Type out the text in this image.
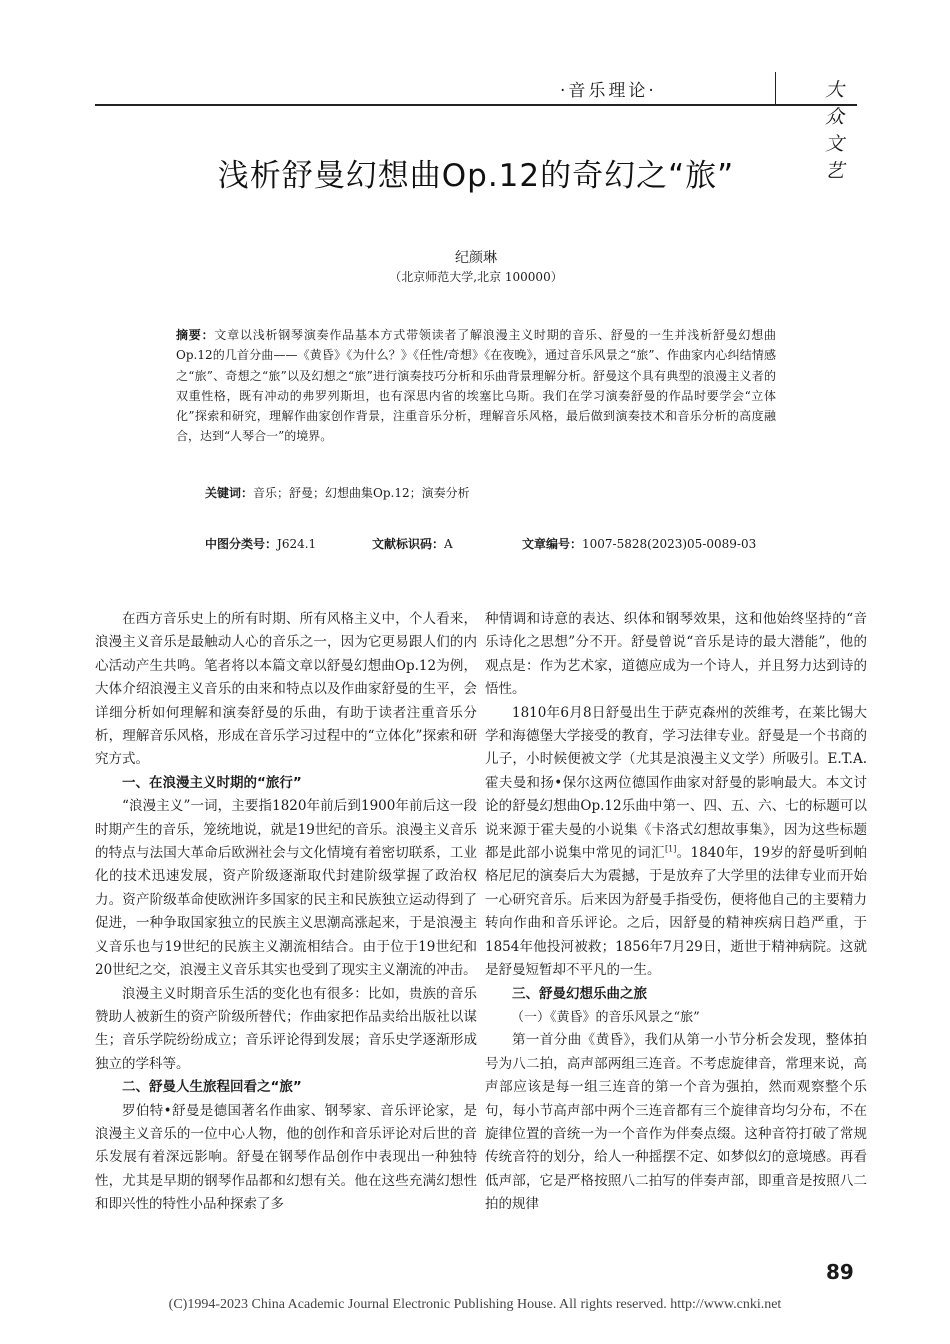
·音乐理论·	大众文艺
浅析舒曼幻想曲Op.12的奇幻之“旅”
纪颜琳
（北京师范大学,北京 100000）
摘要：文章以浅析钢琴演奏作品基本方式带领读者了解浪漫主义时期的音乐、舒曼的一生并浅析舒曼幻想曲Op.12的几首分曲——《黄昏》《为什么？》《任性/奇想》《在夜晚》，通过音乐风景之“旅”、作曲家内心纠结情感之“旅”、奇想之“旅”以及幻想之“旅”进行演奏技巧分析和乐曲背景理解分析。舒曼这个具有典型的浪漫主义者的双重性格，既有冲动的弗罗列斯坦，也有深思内省的埃塞比乌斯。我们在学习演奏舒曼的作品时要学会“立体化”探索和研究，理解作曲家创作背景，注重音乐分析，理解音乐风格，最后做到演奏技术和音乐分析的高度融合，达到“人琴合一”的境界。
关键词：音乐；舒曼；幻想曲集Op.12；演奏分析
中图分类号：J624.1	文献标识码：A	文章编号：1007-5828(2023)05-0089-03

在西方音乐史上的所有时期、所有风格主义中，个人看来，浪漫主义音乐是最触动人心的音乐之一，因为它更易跟人们的内心活动产生共鸣。笔者将以本篇文章以舒曼幻想曲Op.12为例，大体介绍浪漫主义音乐的由来和特点以及作曲家舒曼的生平，会详细分析如何理解和演奏舒曼的乐曲，有助于读者注重音乐分析，理解音乐风格，形成在音乐学习过程中的“立体化”探索和研究方式。

一、在浪漫主义时期的“旅行”

“浪漫主义”一词，主要指1820年前后到1900年前后这一段时期产生的音乐，笼统地说，就是19世纪的音乐。浪漫主义音乐的特点与法国大革命后欧洲社会与文化情境有着密切联系，工业化的技术迅速发展，资产阶级逐渐取代封建阶级掌握了政治权力。资产阶级革命使欧洲许多国家的民主和民族独立运动得到了促进，一种争取国家独立的民族主义思潮高涨起来，于是浪漫主义音乐也与19世纪的民族主义潮流相结合。由于位于19世纪和20世纪之交，浪漫主义音乐其实也受到了现实主义潮流的冲击。

浪漫主义时期音乐生活的变化也有很多：比如，贵族的音乐赞助人被新生的资产阶级所替代；作曲家把作品卖给出版社以谋生；音乐学院纷纷成立；音乐评论得到发展；音乐史学逐渐形成独立的学科等。

二、舒曼人生旅程回看之“旅”

罗伯特•舒曼是德国著名作曲家、钢琴家、音乐评论家，是浪漫主义音乐的一位中心人物，他的创作和音乐评论对后世的音乐发展有着深远影响。舒曼在钢琴作品创作中表现出一种独特性，尤其是早期的钢琴作品都和幻想有关。他在这些充满幻想性和即兴性的特性小品种探索了多

种情调和诗意的表达、织体和钢琴效果，这和他始终坚持的“音乐诗化之思想”分不开。舒曼曾说“音乐是诗的最大潜能”，他的观点是：作为艺术家，道德应成为一个诗人，并且努力达到诗的悟性。

1810年6月8日舒曼出生于萨克森州的茨维考，在莱比锡大学和海德堡大学接受的教育，学习法律专业。舒曼是一个书商的儿子，小时候便被文学（尤其是浪漫主义文学）所吸引。E.T.A.霍夫曼和扬•保尔这两位德国作曲家对舒曼的影响最大。本文讨论的舒曼幻想曲Op.12乐曲中第一、四、五、六、七的标题可以说来源于霍夫曼的小说集《卡洛式幻想故事集》，因为这些标题都是此部小说集中常见的词汇[1]。1840年，19岁的舒曼听到帕格尼尼的演奏后大为震撼，于是放弃了大学里的法律专业而开始一心研究音乐。后来因为舒曼手指受伤，便将他自己的主要精力转向作曲和音乐评论。之后，因舒曼的精神疾病日趋严重，于1854年他投河被救；1856年7月29日，逝世于精神病院。这就是舒曼短暂却不平凡的一生。

三、舒曼幻想乐曲之旅
（一）《黄昏》的音乐风景之“旅”

第一首分曲《黄昏》，我们从第一小节分析会发现，整体拍号为八二拍，高声部两组三连音。不考虑旋律音，常理来说，高声部应该是每一组三连音的第一个音为强拍，然而观察整个乐句，每小节高声部中两个三连音都有三个旋律音均匀分布，不在旋律位置的音统一为一个音作为伴奏点缀。这种音符打破了常规传统音符的划分，给人一种摇摆不定、如梦似幻的意境感。再看低声部，它是严格按照八二拍写的伴奏声部，即重音是按照八二拍的规律

89
(C)1994-2023 China Academic Journal Electronic Publishing House. All rights reserved. http://www.cnki.net
